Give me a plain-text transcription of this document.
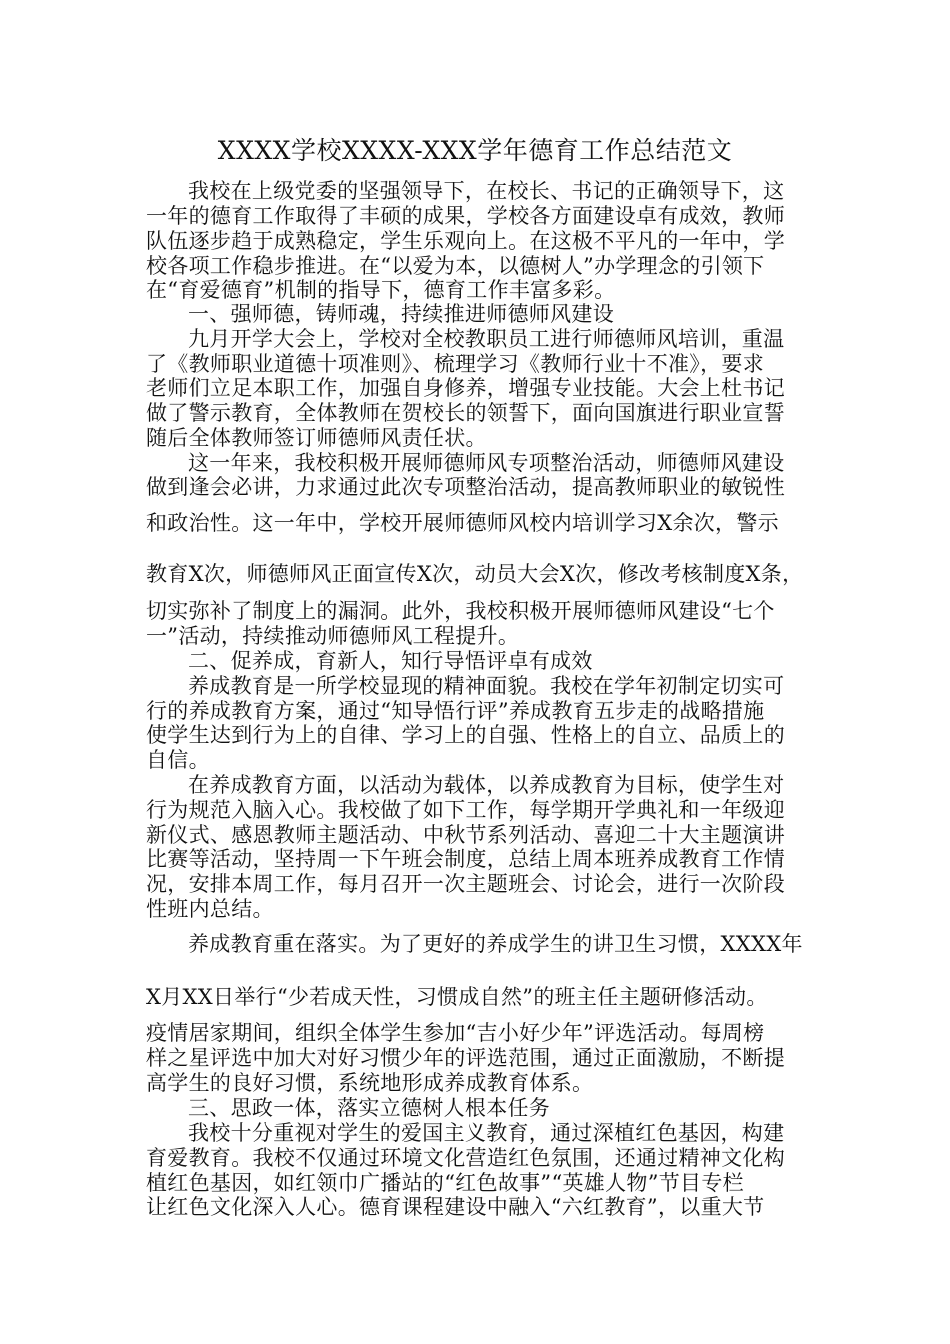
XXXX学校XXXX-XXX学年德育工作总结范文
我校在上级党委的坚强领导下，在校长、书记的正确领导下，这
一年的德育工作取得了丰硕的成果，学校各方面建设卓有成效，教师
队伍逐步趋于成熟稳定，学生乐观向上。在这极不平凡的一年中，学
校各项工作稳步推进。在“以爱为本，以德树人”办学理念的引领下
在“育爱德育”机制的指导下，德育工作丰富多彩。
一、强师德，铸师魂，持续推进师德师风建设
九月开学大会上，学校对全校教职员工进行师德师风培训，重温
了《教师职业道德十项准则》、梳理学习《教师行业十不准》，要求
老师们立足本职工作，加强自身修养，增强专业技能。大会上杜书记
做了警示教育，全体教师在贺校长的领誓下，面向国旗进行职业宣誓
随后全体教师签订师德师风责任状。
这一年来，我校积极开展师德师风专项整治活动，师德师风建设
做到逢会必讲，力求通过此次专项整治活动，提高教师职业的敏锐性
和政治性。这一年中，学校开展师德师风校内培训学习X余次，警示
教育X次，师德师风正面宣传X次，动员大会X次，修改考核制度X条，
切实弥补了制度上的漏洞。此外，我校积极开展师德师风建设“七个
一”活动，持续推动师德师风工程提升。
二、促养成，育新人，知行导悟评卓有成效
养成教育是一所学校显现的精神面貌。我校在学年初制定切实可
行的养成教育方案，通过“知导悟行评”养成教育五步走的战略措施
使学生达到行为上的自律、学习上的自强、性格上的自立、品质上的
自信。
在养成教育方面，以活动为载体，以养成教育为目标，使学生对
行为规范入脑入心。我校做了如下工作，每学期开学典礼和一年级迎
新仪式、感恩教师主题活动、中秋节系列活动、喜迎二十大主题演讲
比赛等活动，坚持周一下午班会制度，总结上周本班养成教育工作情
况，安排本周工作，每月召开一次主题班会、讨论会，进行一次阶段
性班内总结。
养成教育重在落实。为了更好的养成学生的讲卫生习惯，XXXX年
X月XX日举行“少若成天性，习惯成自然”的班主任主题研修活动。
疫情居家期间，组织全体学生参加“吉小好少年”评选活动。每周榜
样之星评选中加大对好习惯少年的评选范围，通过正面激励，不断提
高学生的良好习惯，系统地形成养成教育体系。
三、思政一体，落实立德树人根本任务
我校十分重视对学生的爱国主义教育，通过深植红色基因，构建
育爱教育。我校不仅通过环境文化营造红色氛围，还通过精神文化构
植红色基因，如红领巾广播站的“红色故事”“英雄人物”节目专栏
让红色文化深入人心。德育课程建设中融入“六红教育”，以重大节
